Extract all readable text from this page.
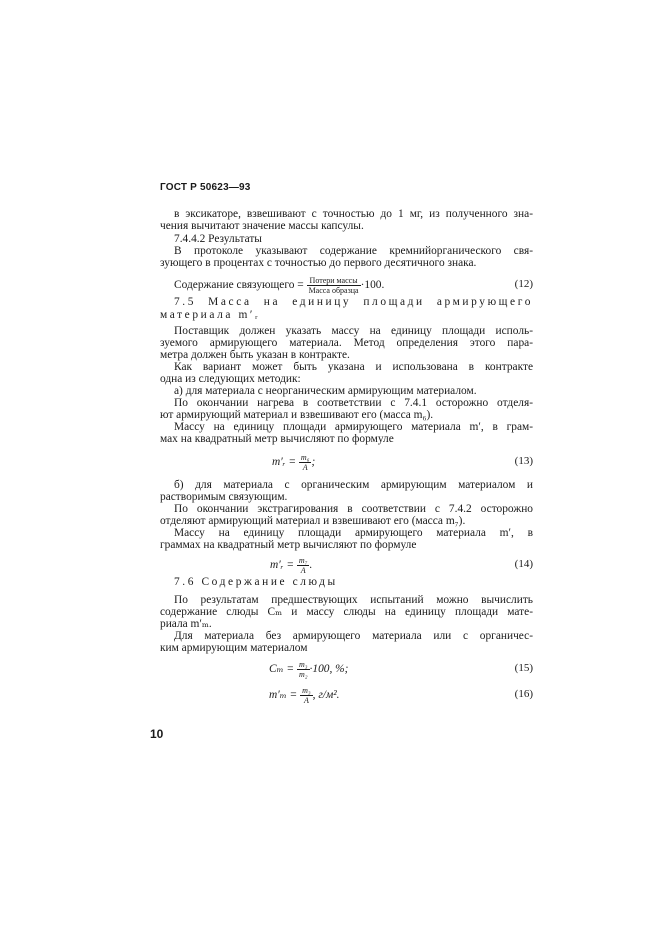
ГОСТ Р 50623—93
в эксикаторе, взвешивают с точностью до 1 мг, из полученного зна-
чения вычитают значение массы капсулы.
7.4.4.2 Результаты
В протоколе указывают содержание кремнийорганического свя-
зующего в процентах с точностью до первого десятичного знака.
Содержание связующего = $\frac{\text{Потери массы}}{\text{Масса образца}} \cdot 100$.	(12)
7.5 Масса на единицу площади армирующего
материала m′ᵣ
Поставщик должен указать массу на единицу площади исполь-
зуемого армирующего материала. Метод определения этого пара-
метра должен быть указан в контракте.
Как вариант может быть указана и использована в контракте
одна из следующих методик:
а) для материала с неорганическим армирующим материалом.
По окончании нагрева в соответствии с 7.4.1 осторожно отделя-
ют армирующий материал и взвешивают его (масса m₆).
Массу на единицу площади армирующего материала m′, в грам-
мах на квадратный метр вычисляют по формуле
m′ᵣ = $\frac{\text{m₆}}{A}$ ;	(13)
б) для материала с органическим армирующим материалом и
растворимым связующим.
По окончании экстрагирования в соответствии с 7.4.2 осторожно
отделяют армирующий материал и взвешивают его (масса m₇).
Массу на единицу площади армирующего материала m′, в
граммах на квадратный метр вычисляют по формуле
m′ᵣ = $\frac{\text{m₇}}{A}$ .	(14)
7.6 Содержание слюды
По результатам предшествующих испытаний можно вычислить
содержание слюды Cₘ и массу слюды на единицу площади мате-
риала m′ₘ.
Для материала без армирующего материала или с органичес-
ким армирующим материалом
$C_m = \frac{\text{m₃}}{\text{m₂}} \cdot 100$, %;	(15)
$m'_m = \frac{\text{m₃}}{A}$ , г/м².	(16)
10
